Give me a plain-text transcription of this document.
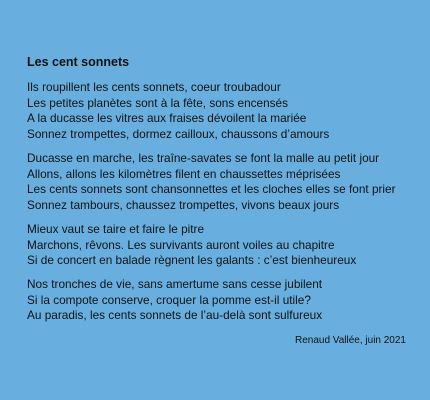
Les cent sonnets
Ils roupillent les cents sonnets, coeur troubadour
Les petites planètes sont à la fête, sons encensés
A la ducasse les vitres aux fraises dévoilent la mariée
Sonnez trompettes, dormez cailloux, chaussons d’amours
Ducasse en marche, les traîne-savates se font la malle au petit jour
Allons, allons les kilomètres filent en chaussettes méprisées
Les cents sonnets sont chansonnettes et les cloches elles se font prier
Sonnez tambours, chaussez trompettes, vivons beaux jours
Mieux vaut se taire et faire le pitre
Marchons, rêvons. Les survivants auront voiles au chapitre
Si de concert en balade règnent les galants : c’est bienheureux
Nos tronches de vie, sans amertume sans cesse jubilent
Si la compote conserve, croquer la pomme est-il utile?
Au paradis, les cents sonnets de l’au-delà sont sulfureux
Renaud Vallée, juin 2021
